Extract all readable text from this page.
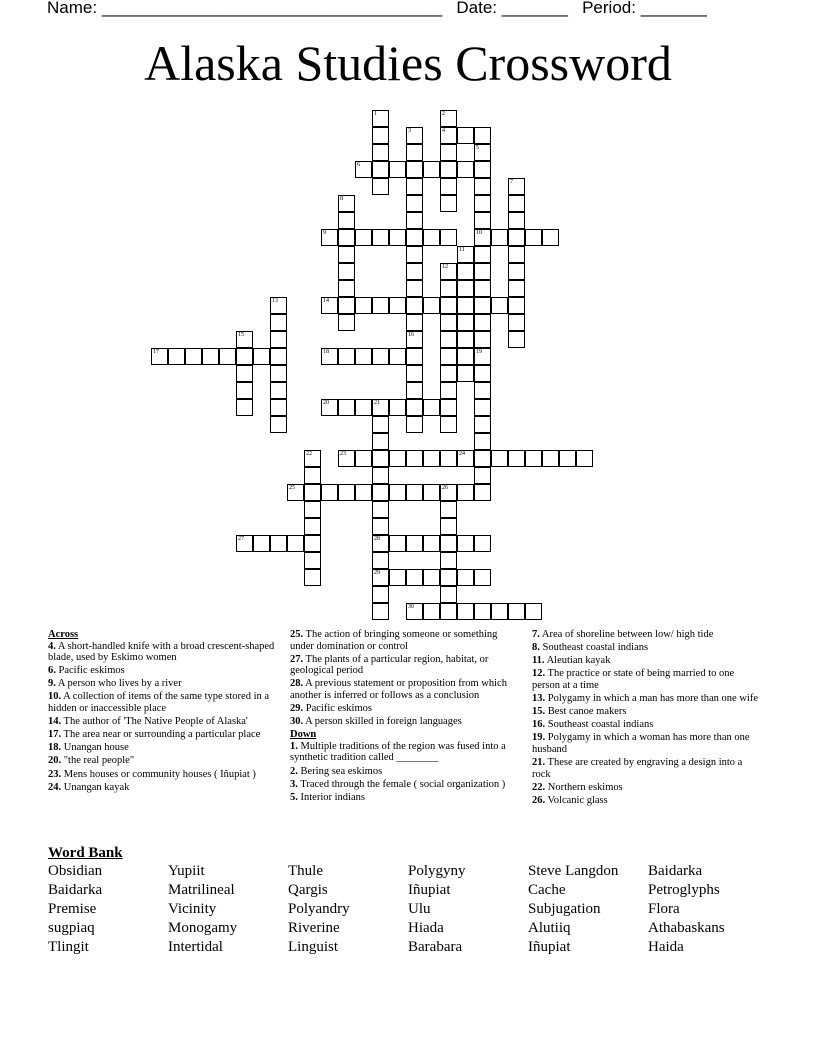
Name: ____________________________________ Date: _______ Period: _______
Alaska Studies Crossword
1	2
4
3
16
5
10
19
6
7
8
9
11
12
13	14
15
17	18
20	21
28
29
22	23	24
25	26
27
30
Across
4. A short-handled knife with a broad crescent-shaped blade, used by Eskimo women
6. Pacific eskimos
9. A person who lives by a river
10. A collection of items of the same type stored in a hidden or inaccessible place
14. The author of 'The Native People of Alaska'
17. The area near or surrounding a particular place
18. Unangan house
20. "the real people"
23. Mens houses or community houses ( Iñupiat )
24. Unangan kayak
25. The action of bringing someone or something under domination or control
27. The plants of a particular region, habitat, or geological period
28. A previous statement or proposition from which another is inferred or follows as a conclusion
29. Pacific eskimos
30. A person skilled in foreign languages
Down
1. Multiple traditions of the region was fused into a synthetic tradition called ________
2. Bering sea eskimos
3. Traced through the female ( social organization )
5. Interior indians
7. Area of shoreline between low/ high tide
8. Southeast coastal indians
11. Aleutian kayak
12. The practice or state of being married to one person at a time
13. Polygamy in which a man has more than one wife
15. Best canoe makers
16. Southeast coastal indians
19. Polygamy in which a woman has more than one husband
21. These are created by engraving a design into a rock
22. Northern eskimos
26. Volcanic glass
Word Bank
Obsidian	Yupiit	Thule	Polygyny	Steve Langdon	Baidarka
Baidarka	Matrilineal	Qargis	Iñupiat	Cache	Petroglyphs
Premise	Vicinity	Polyandry	Ulu	Subjugation	Flora
sugpiaq	Monogamy	Riverine	Hiada	Alutiiq	Athabaskans
Tlingit	Intertidal	Linguist	Barabara	Iñupiat	Haida
